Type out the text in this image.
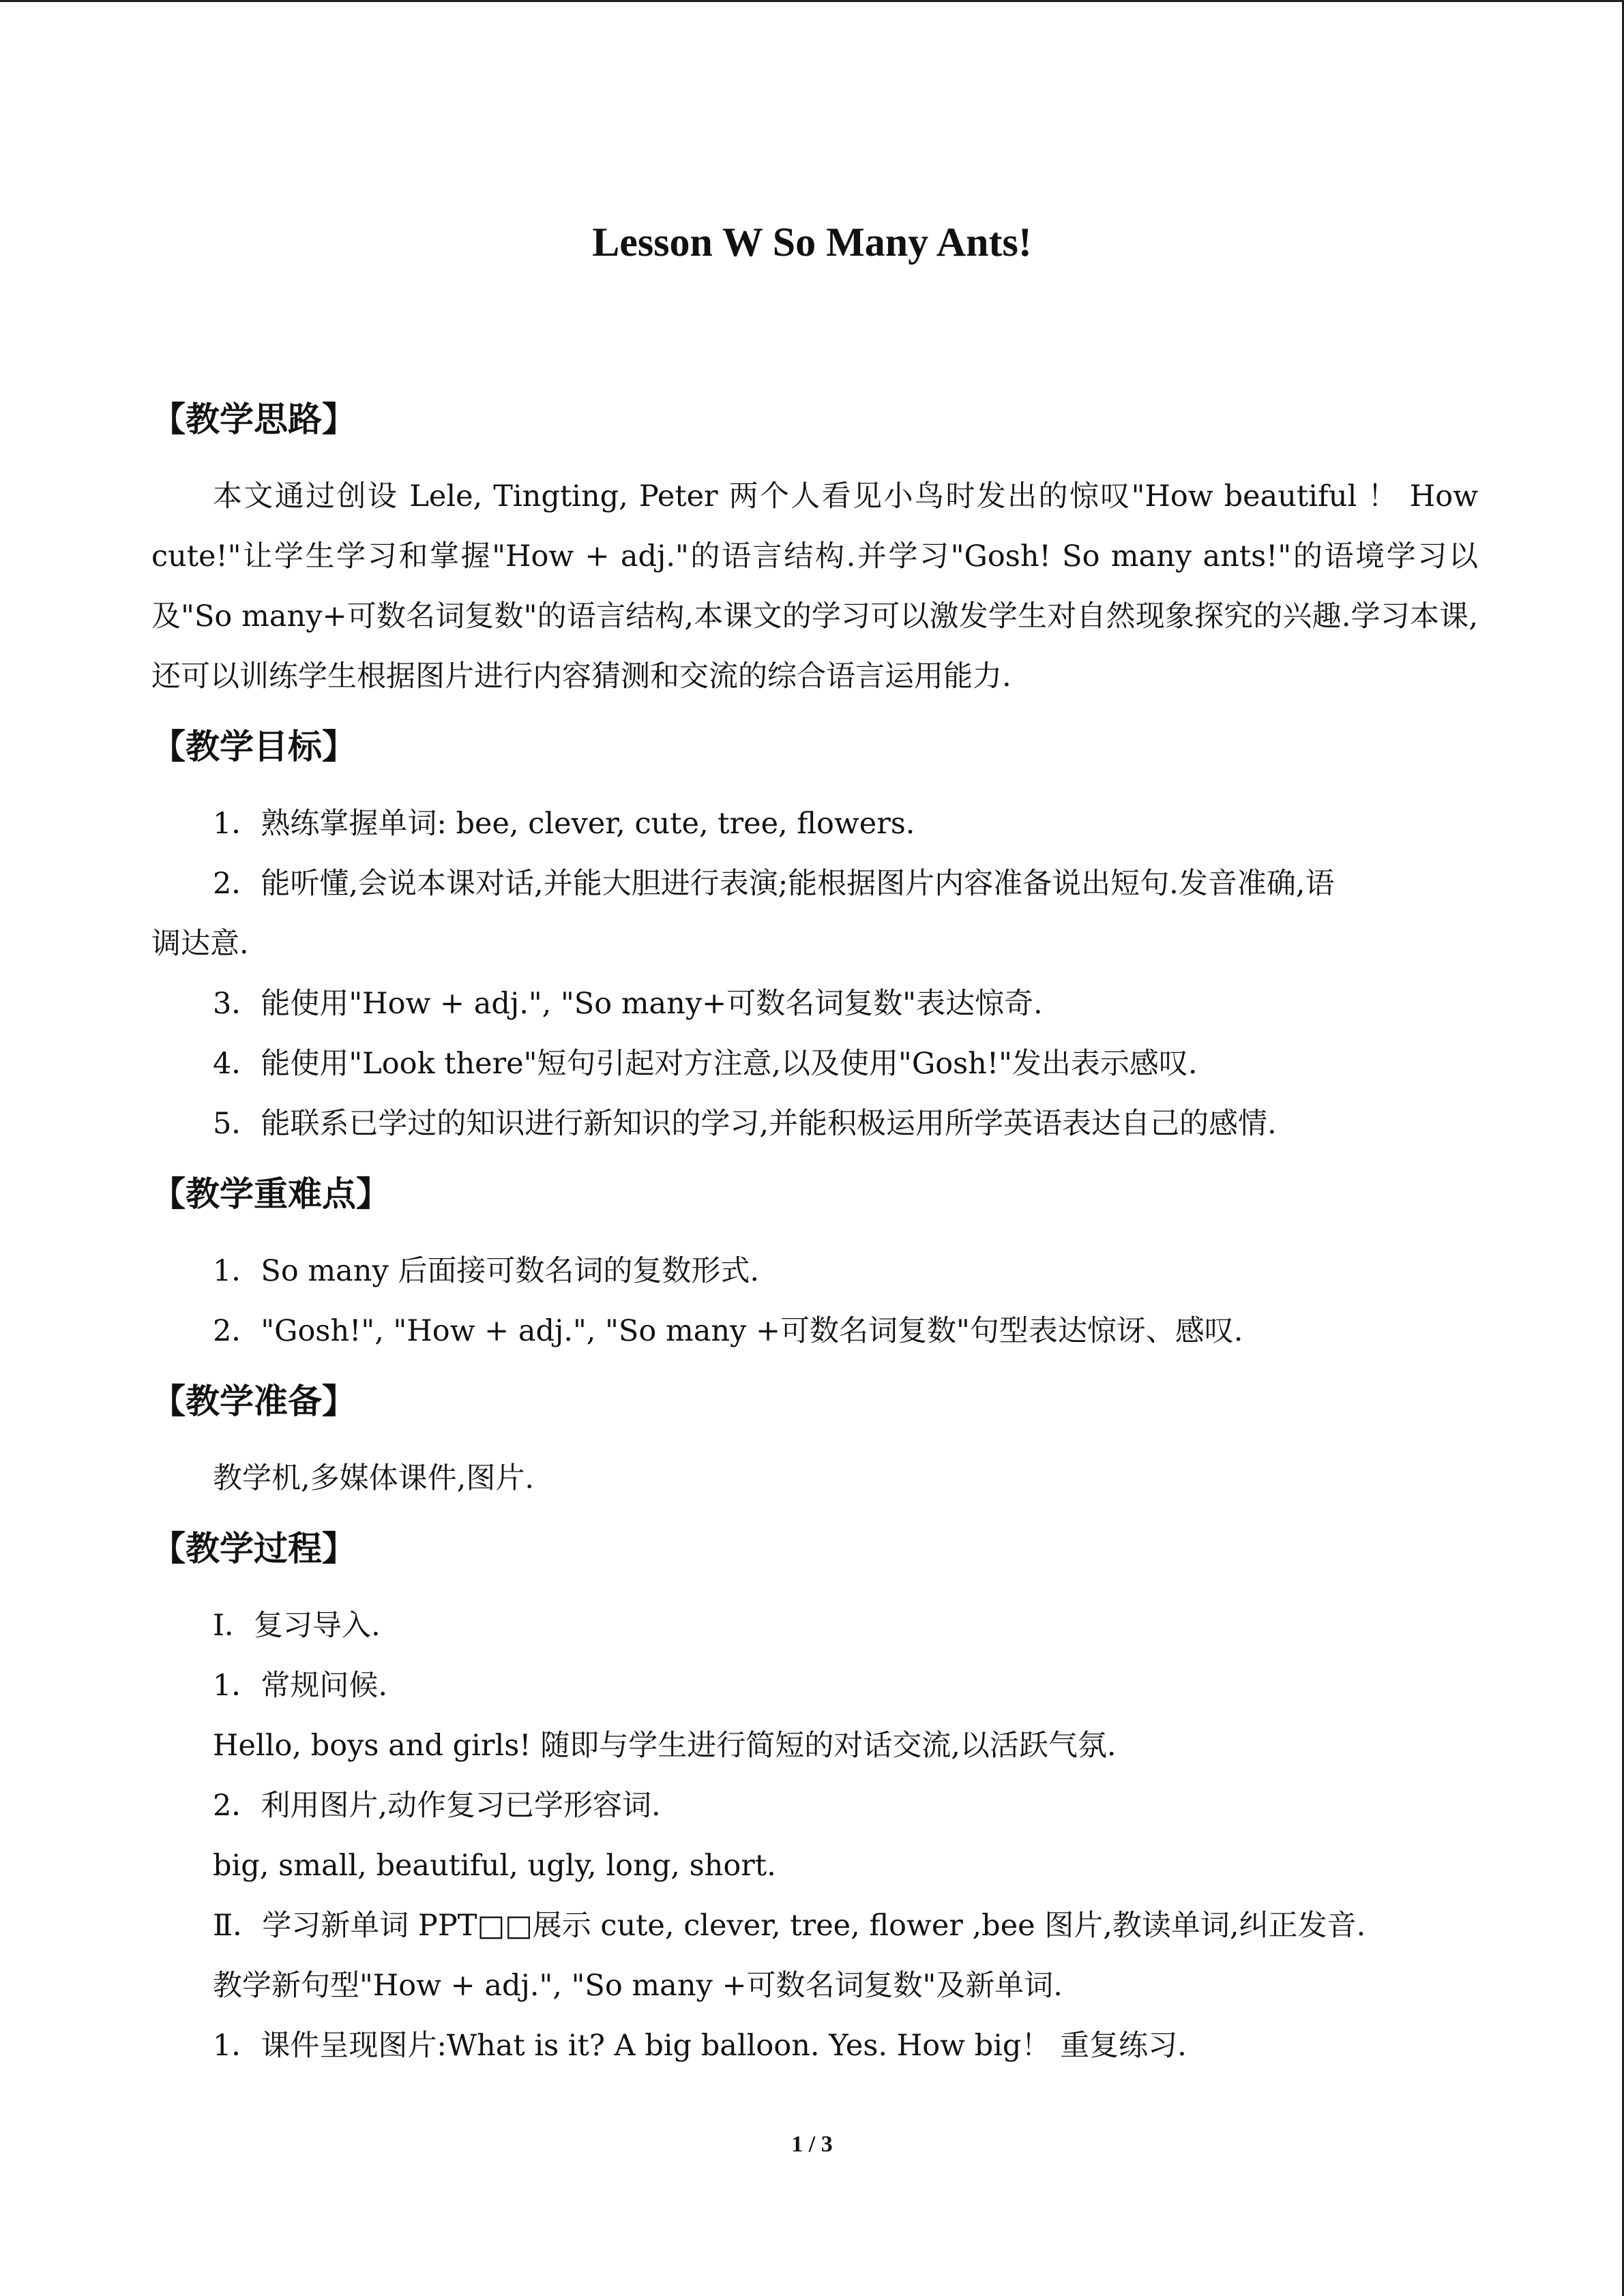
Lesson W So Many Ants!
【教学思路】
本文通过创设 Lele, Tingting, Peter 两个人看见小鸟时发出的惊叹"How beautiful ！ How cute!"让学生学习和掌握"How + adj."的语言结构.并学习"Gosh! So many ants!"的语境学习以及"So many+可数名词复数"的语言结构,本课文的学习可以激发学生对自然现象探究的兴趣.学习本课,还可以训练学生根据图片进行内容猜测和交流的综合语言运用能力.
【教学目标】
1．熟练掌握单词: bee, clever, cute, tree, flowers.
2．能听懂,会说本课对话,并能大胆进行表演;能根据图片内容准备说出短句.发音准确,语
调达意.
3．能使用"How + adj.", "So many+可数名词复数"表达惊奇.
4．能使用"Look there"短句引起对方注意,以及使用"Gosh!"发出表示感叹.
5．能联系已学过的知识进行新知识的学习,并能积极运用所学英语表达自己的感情.
【教学重难点】
1．So many 后面接可数名词的复数形式.
2．"Gosh!", "How + adj.", "So many +可数名词复数"句型表达惊讶、感叹.
【教学准备】
教学机,多媒体课件,图片.
【教学过程】
Ⅰ．复习导入.
1．常规问候.
Hello, boys and girls! 随即与学生进行简短的对话交流,以活跃气氛.
2．利用图片,动作复习已学形容词.
big, small, beautiful, ugly, long, short.
Ⅱ．学习新单词 PPT□□展示 cute, clever, tree, flower ,bee 图片,教读单词,纠正发音.
教学新句型"How + adj.", "So many +可数名词复数"及新单词.
1．课件呈现图片:What is it? A big balloon. Yes. How big！ 重复练习.
1 / 3
